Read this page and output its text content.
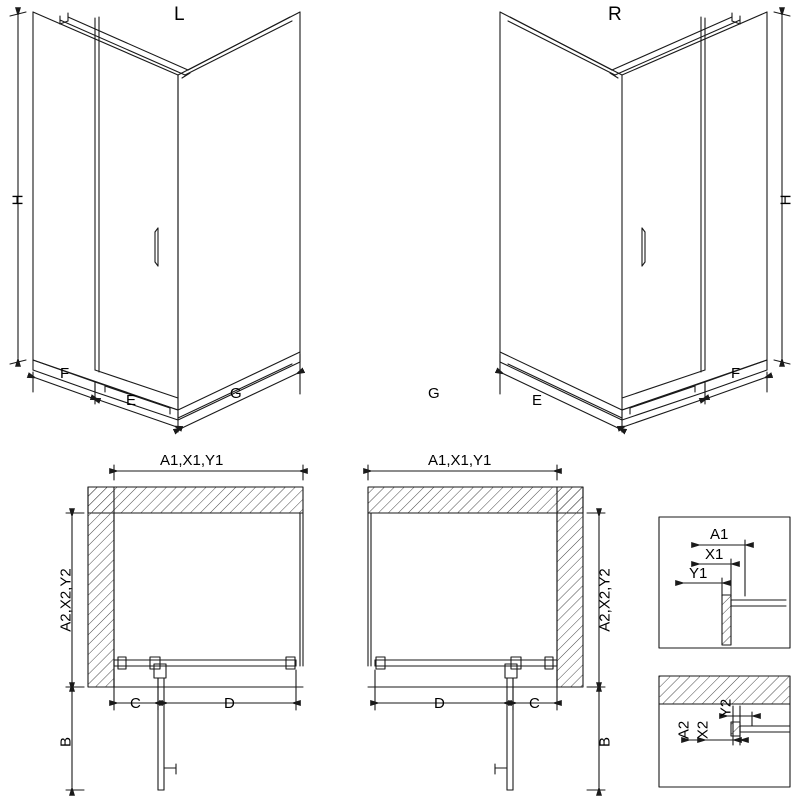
L	R
H	H
F
E	G	G	E
F
A1,X1,Y1	A1,X1,Y1
A2,X2,Y2	A2,X2,Y2
B	B
C	D	D	C
A1
X1
Y1
A2 X2
Y2
